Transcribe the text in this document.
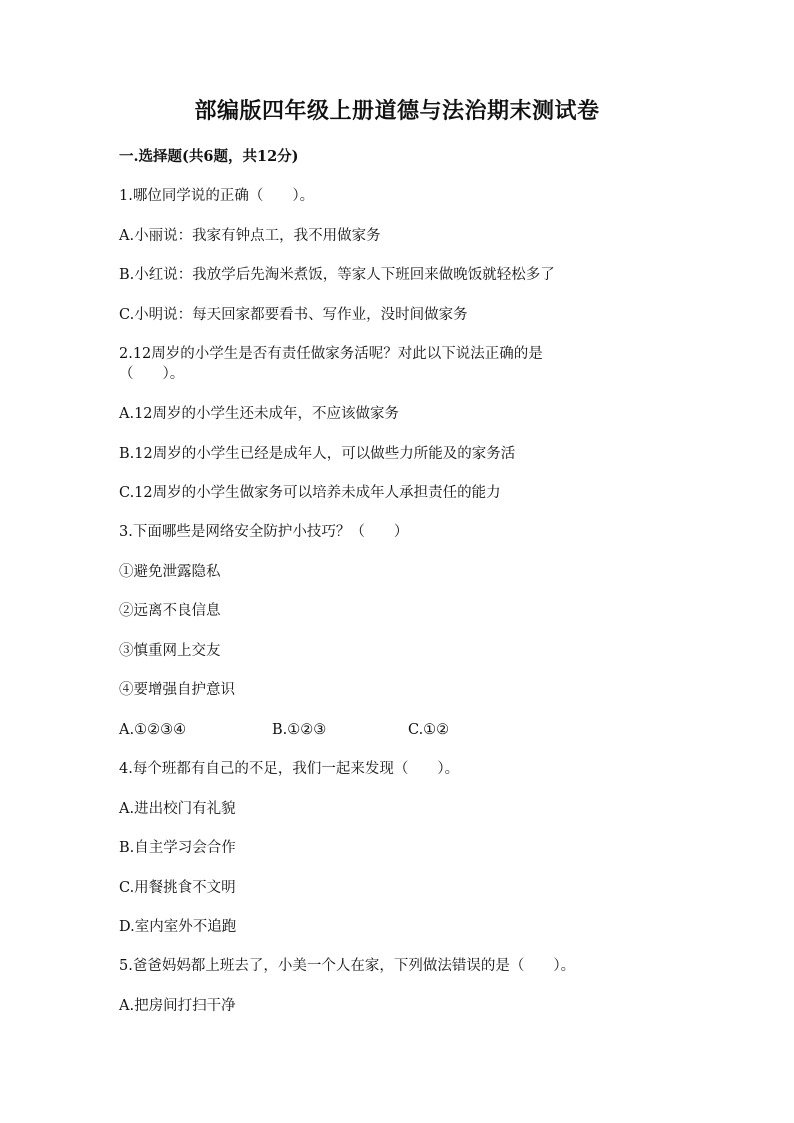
部编版四年级上册道德与法治期末测试卷
一.选择题(共6题，共12分)
1.哪位同学说的正确（　　）。
A.小丽说：我家有钟点工，我不用做家务
B.小红说：我放学后先淘米煮饭，等家人下班回来做晚饭就轻松多了
C.小明说：每天回家都要看书、写作业，没时间做家务
2.12周岁的小学生是否有责任做家务活呢？对此以下说法正确的是
（　　）。
A.12周岁的小学生还未成年，不应该做家务
B.12周岁的小学生已经是成年人，可以做些力所能及的家务活
C.12周岁的小学生做家务可以培养未成年人承担责任的能力
3.下面哪些是网络安全防护小技巧？（　　）
①避免泄露隐私
②远离不良信息
③慎重网上交友
④要增强自护意识
A.①②③④	B.①②③	C.①②
4.每个班都有自己的不足，我们一起来发现（　　）。
A.进出校门有礼貌
B.自主学习会合作
C.用餐挑食不文明
D.室内室外不追跑
5.爸爸妈妈都上班去了，小美一个人在家，下列做法错误的是（　　）。
A.把房间打扫干净
